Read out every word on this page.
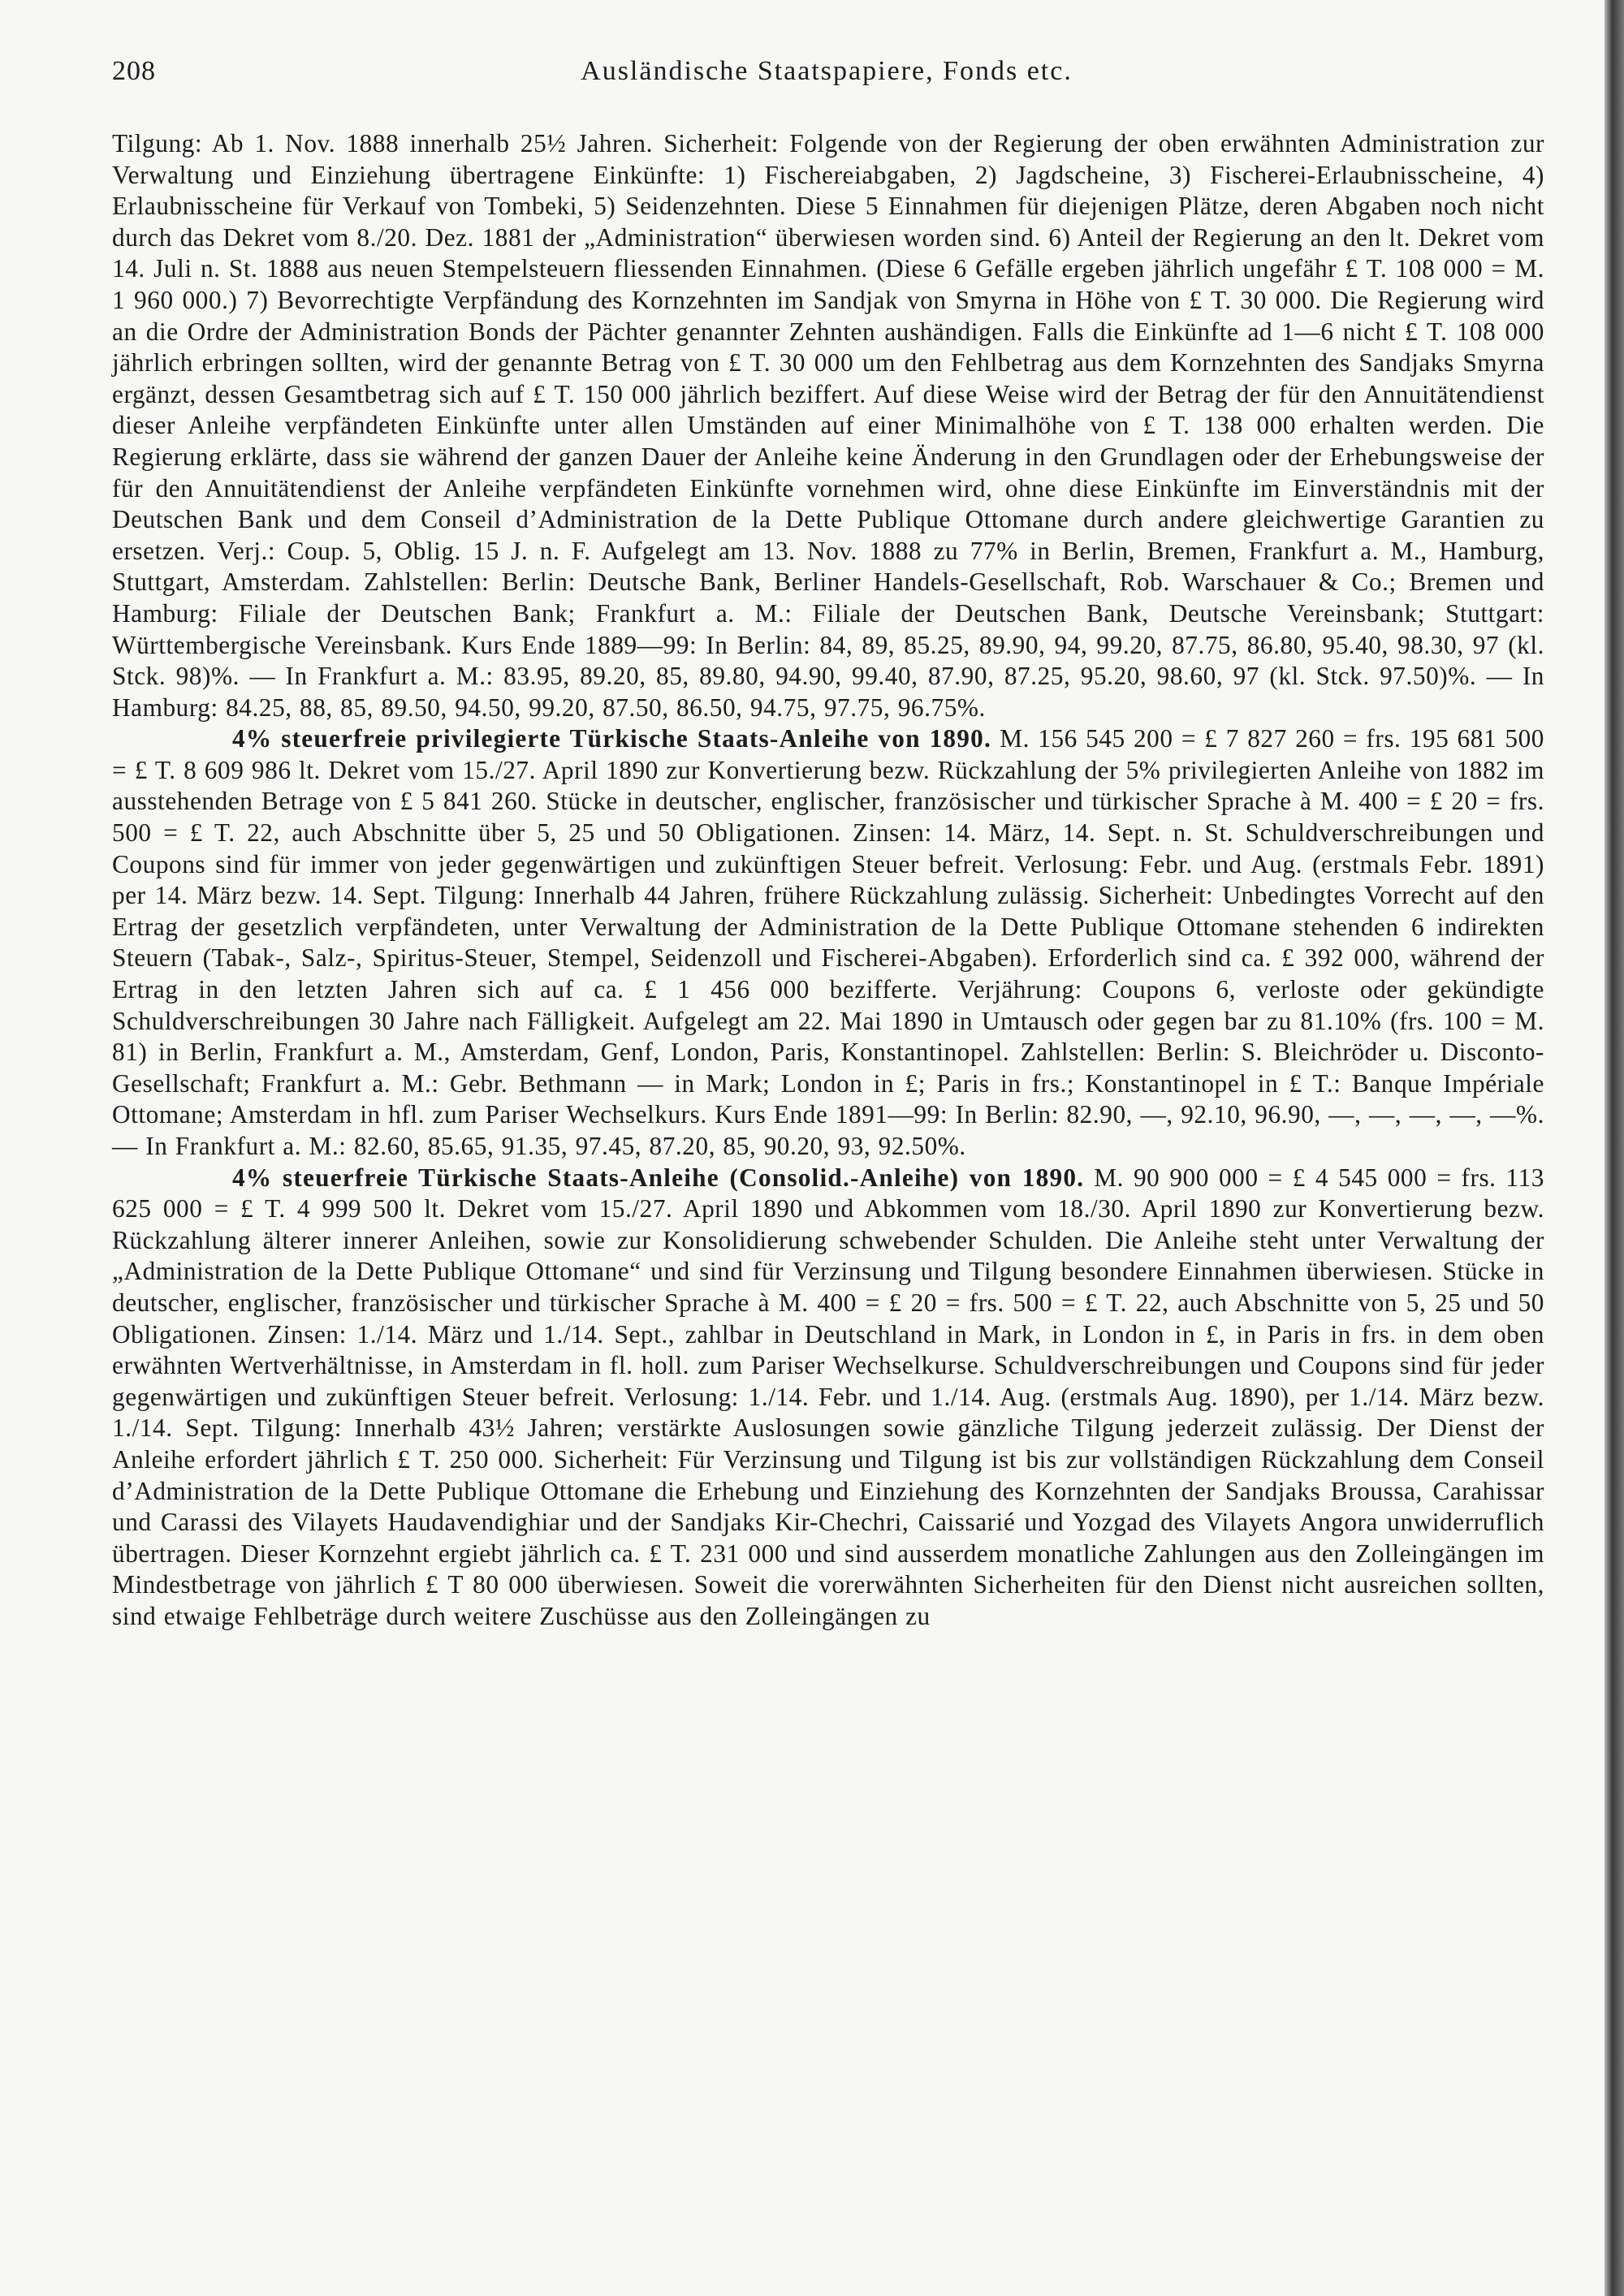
208	Ausländische Staatspapiere, Fonds etc.

Tilgung: Ab 1. Nov. 1888 innerhalb 25½ Jahren. Sicherheit: Folgende von der Regierung der oben erwähnten Administration zur Verwaltung und Einziehung übertragene Einkünfte: 1) Fischereiabgaben, 2) Jagdscheine, 3) Fischerei-Erlaubnisscheine, 4) Erlaubnisscheine für Verkauf von Tombeki, 5) Seidenzehnten. Diese 5 Einnahmen für diejenigen Plätze, deren Abgaben noch nicht durch das Dekret vom 8./20. Dez. 1881 der „Administration“ überwiesen worden sind. 6) Anteil der Regierung an den lt. Dekret vom 14. Juli n. St. 1888 aus neuen Stempelsteuern fliessenden Einnahmen. (Diese 6 Gefälle ergeben jährlich ungefähr £ T. 108 000 = M. 1 960 000.) 7) Bevorrechtigte Verpfändung des Kornzehnten im Sandjak von Smyrna in Höhe von £ T. 30 000. Die Regierung wird an die Ordre der Administration Bonds der Pächter genannter Zehnten aushändigen. Falls die Einkünfte ad 1—6 nicht £ T. 108 000 jährlich erbringen sollten, wird der genannte Betrag von £ T. 30 000 um den Fehlbetrag aus dem Kornzehnten des Sandjaks Smyrna ergänzt, dessen Gesamtbetrag sich auf £ T. 150 000 jährlich beziffert. Auf diese Weise wird der Betrag der für den Annuitätendienst dieser Anleihe verpfändeten Einkünfte unter allen Umständen auf einer Minimalhöhe von £ T. 138 000 erhalten werden. Die Regierung erklärte, dass sie während der ganzen Dauer der Anleihe keine Änderung in den Grundlagen oder der Erhebungsweise der für den Annuitätendienst der Anleihe verpfändeten Einkünfte vornehmen wird, ohne diese Einkünfte im Einverständnis mit der Deutschen Bank und dem Conseil d’Administration de la Dette Publique Ottomane durch andere gleichwertige Garantien zu ersetzen. Verj.: Coup. 5, Oblig. 15 J. n. F. Aufgelegt am 13. Nov. 1888 zu 77% in Berlin, Bremen, Frankfurt a. M., Hamburg, Stuttgart, Amsterdam. Zahlstellen: Berlin: Deutsche Bank, Berliner Handels-Gesellschaft, Rob. Warschauer & Co.; Bremen und Hamburg: Filiale der Deutschen Bank; Frankfurt a. M.: Filiale der Deutschen Bank, Deutsche Vereinsbank; Stuttgart: Württembergische Vereinsbank. Kurs Ende 1889—99: In Berlin: 84, 89, 85.25, 89.90, 94, 99.20, 87.75, 86.80, 95.40, 98.30, 97 (kl. Stck. 98)%. — In Frankfurt a. M.: 83.95, 89.20, 85, 89.80, 94.90, 99.40, 87.90, 87.25, 95.20, 98.60, 97 (kl. Stck. 97.50)%. — In Hamburg: 84.25, 88, 85, 89.50, 94.50, 99.20, 87.50, 86.50, 94.75, 97.75, 96.75%.

4% steuerfreie privilegierte Türkische Staats-Anleihe von 1890. M. 156 545 200 = £ 7 827 260 = frs. 195 681 500 = £ T. 8 609 986 lt. Dekret vom 15./27. April 1890 zur Konvertierung bezw. Rückzahlung der 5% privilegierten Anleihe von 1882 im ausstehenden Betrage von £ 5 841 260. Stücke in deutscher, englischer, französischer und türkischer Sprache à M. 400 = £ 20 = frs. 500 = £ T. 22, auch Abschnitte über 5, 25 und 50 Obligationen. Zinsen: 14. März, 14. Sept. n. St. Schuldverschreibungen und Coupons sind für immer von jeder gegenwärtigen und zukünftigen Steuer befreit. Verlosung: Febr. und Aug. (erstmals Febr. 1891) per 14. März bezw. 14. Sept. Tilgung: Innerhalb 44 Jahren, frühere Rückzahlung zulässig. Sicherheit: Unbedingtes Vorrecht auf den Ertrag der gesetzlich verpfändeten, unter Verwaltung der Administration de la Dette Publique Ottomane stehenden 6 indirekten Steuern (Tabak-, Salz-, Spiritus-Steuer, Stempel, Seidenzoll und Fischerei-Abgaben). Erforderlich sind ca. £ 392 000, während der Ertrag in den letzten Jahren sich auf ca. £ 1 456 000 bezifferte. Verjährung: Coupons 6, verloste oder gekündigte Schuldverschreibungen 30 Jahre nach Fälligkeit. Aufgelegt am 22. Mai 1890 in Umtausch oder gegen bar zu 81.10% (frs. 100 = M. 81) in Berlin, Frankfurt a. M., Amsterdam, Genf, London, Paris, Konstantinopel. Zahlstellen: Berlin: S. Bleichröder u. Disconto-Gesellschaft; Frankfurt a. M.: Gebr. Bethmann — in Mark; London in £; Paris in frs.; Konstantinopel in £ T.: Banque Impériale Ottomane; Amsterdam in hfl. zum Pariser Wechselkurs. Kurs Ende 1891—99: In Berlin: 82.90, —, 92.10, 96.90, —, —, —, —, —%. — In Frankfurt a. M.: 82.60, 85.65, 91.35, 97.45, 87.20, 85, 90.20, 93, 92.50%.

4% steuerfreie Türkische Staats-Anleihe (Consolid.-Anleihe) von 1890. M. 90 900 000 = £ 4 545 000 = frs. 113 625 000 = £ T. 4 999 500 lt. Dekret vom 15./27. April 1890 und Abkommen vom 18./30. April 1890 zur Konvertierung bezw. Rückzahlung älterer innerer Anleihen, sowie zur Konsolidierung schwebender Schulden. Die Anleihe steht unter Verwaltung der „Administration de la Dette Publique Ottomane“ und sind für Verzinsung und Tilgung besondere Einnahmen überwiesen. Stücke in deutscher, englischer, französischer und türkischer Sprache à M. 400 = £ 20 = frs. 500 = £ T. 22, auch Abschnitte von 5, 25 und 50 Obligationen. Zinsen: 1./14. März und 1./14. Sept., zahlbar in Deutschland in Mark, in London in £, in Paris in frs. in dem oben erwähnten Wertverhältnisse, in Amsterdam in fl. holl. zum Pariser Wechselkurse. Schuldverschreibungen und Coupons sind für jeder gegenwärtigen und zukünftigen Steuer befreit. Verlosung: 1./14. Febr. und 1./14. Aug. (erstmals Aug. 1890), per 1./14. März bezw. 1./14. Sept. Tilgung: Innerhalb 43½ Jahren; verstärkte Auslosungen sowie gänzliche Tilgung jederzeit zulässig. Der Dienst der Anleihe erfordert jährlich £ T. 250 000. Sicherheit: Für Verzinsung und Tilgung ist bis zur vollständigen Rückzahlung dem Conseil d’Administration de la Dette Publique Ottomane die Erhebung und Einziehung des Kornzehnten der Sandjaks Broussa, Carahissar und Carassi des Vilayets Haudavendighiar und der Sandjaks Kir-Chechri, Caissarié und Yozgad des Vilayets Angora unwiderruflich übertragen. Dieser Kornzehnt ergiebt jährlich ca. £ T. 231 000 und sind ausserdem monatliche Zahlungen aus den Zolleingängen im Mindestbetrage von jährlich £ T 80 000 überwiesen. Soweit die vorerwähnten Sicherheiten für den Dienst nicht ausreichen sollten, sind etwaige Fehlbeträge durch weitere Zuschüsse aus den Zolleingängen zu
